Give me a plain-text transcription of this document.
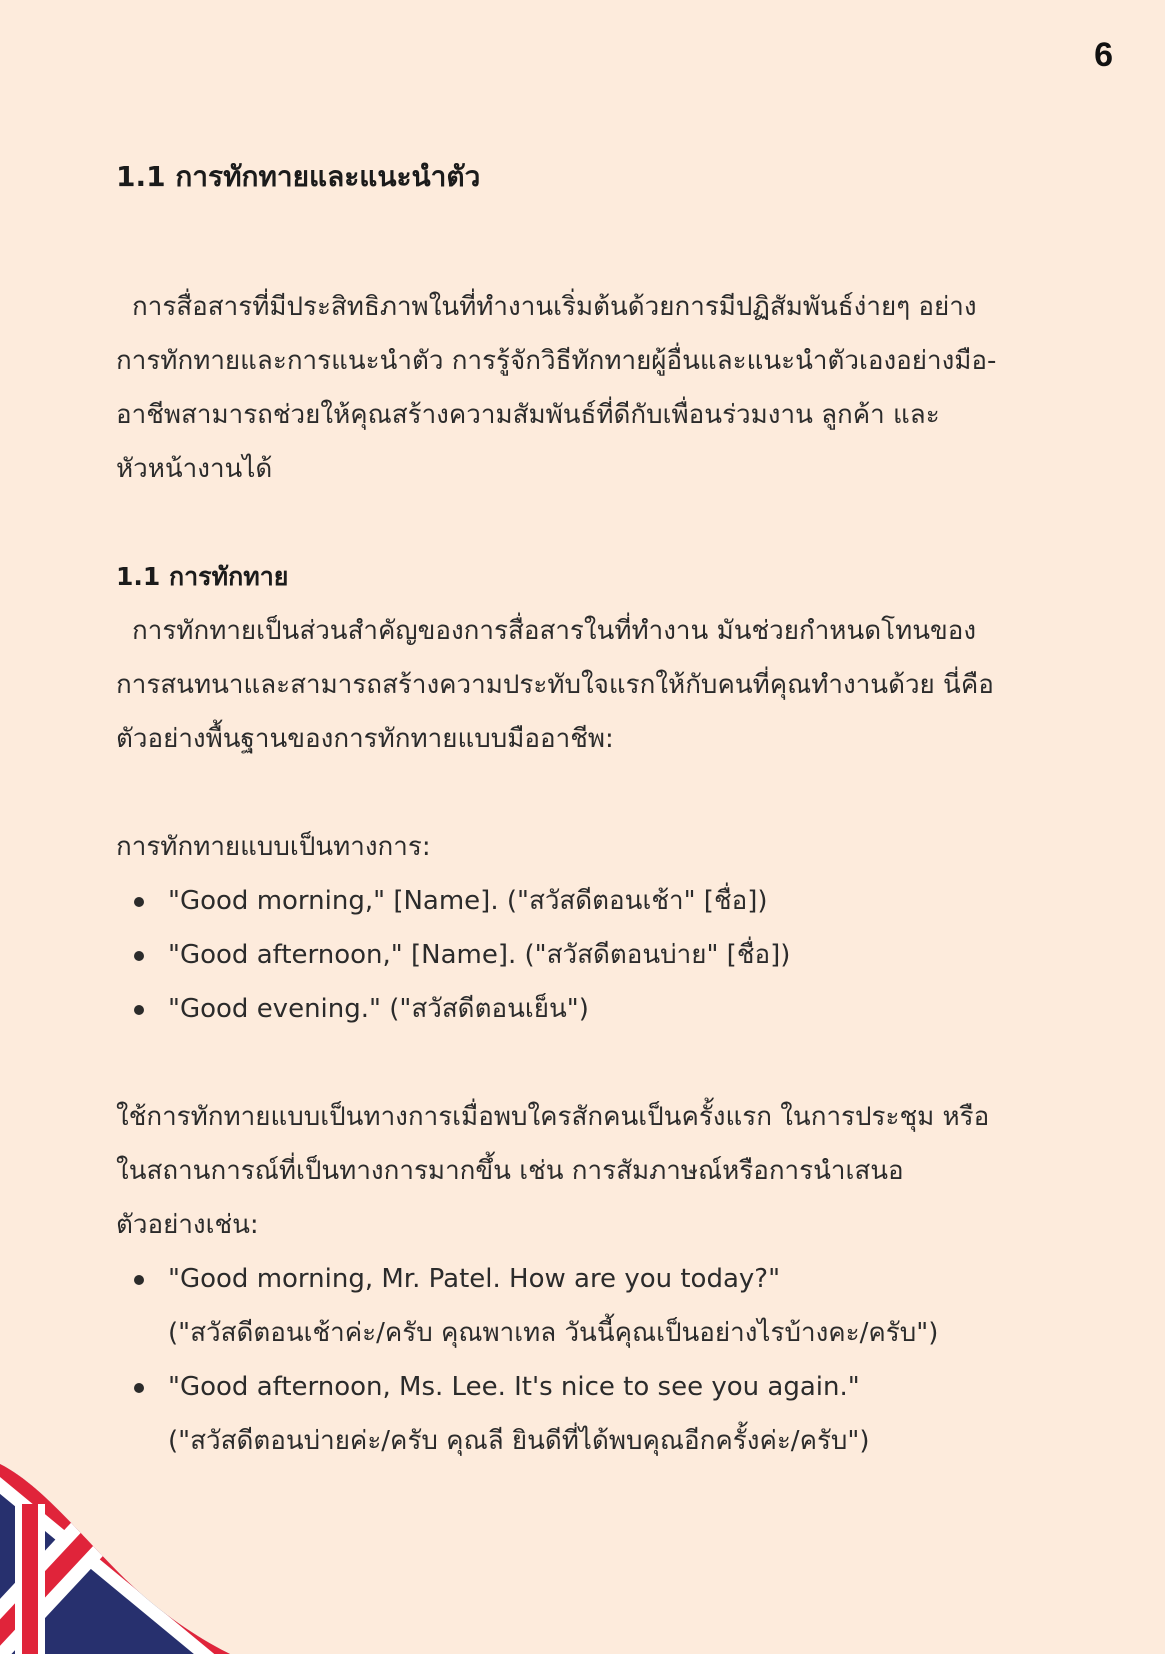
6
1.1 การทักทายและแนะนำตัว

การสื่อสารที่มีประสิทธิภาพในที่ทำงานเริ่มต้นด้วยการมีปฏิสัมพันธ์ง่ายๆ อย่าง

การทักทายและการแนะนำตัว การรู้จักวิธีทักทายผู้อื่นและแนะนำตัวเองอย่างมือ-

อาชีพสามารถช่วยให้คุณสร้างความสัมพันธ์ที่ดีกับเพื่อนร่วมงาน ลูกค้า และ

หัวหน้างานได้

1.1 การทักทาย

การทักทายเป็นส่วนสำคัญของการสื่อสารในที่ทำงาน มันช่วยกำหนดโทนของ

การสนทนาและสามารถสร้างความประทับใจแรกให้กับคนที่คุณทำงานด้วย นี่คือ

ตัวอย่างพื้นฐานของการทักทายแบบมืออาชีพ:

การทักทายแบบเป็นทางการ:

"Good morning," [Name]. ("สวัสดีตอนเช้า" [ชื่อ])
"Good afternoon," [Name]. ("สวัสดีตอนบ่าย" [ชื่อ])
"Good evening." ("สวัสดีตอนเย็น")

ใช้การทักทายแบบเป็นทางการเมื่อพบใครสักคนเป็นครั้งแรก ในการประชุม หรือ

ในสถานการณ์ที่เป็นทางการมากขึ้น เช่น การสัมภาษณ์หรือการนำเสนอ

ตัวอย่างเช่น:

"Good morning, Mr. Patel. How are you today?"
("สวัสดีตอนเช้าค่ะ/ครับ คุณพาเทล วันนี้คุณเป็นอย่างไรบ้างคะ/ครับ")
"Good afternoon, Ms. Lee. It's nice to see you again."
("สวัสดีตอนบ่ายค่ะ/ครับ คุณลี ยินดีที่ได้พบคุณอีกครั้งค่ะ/ครับ")
